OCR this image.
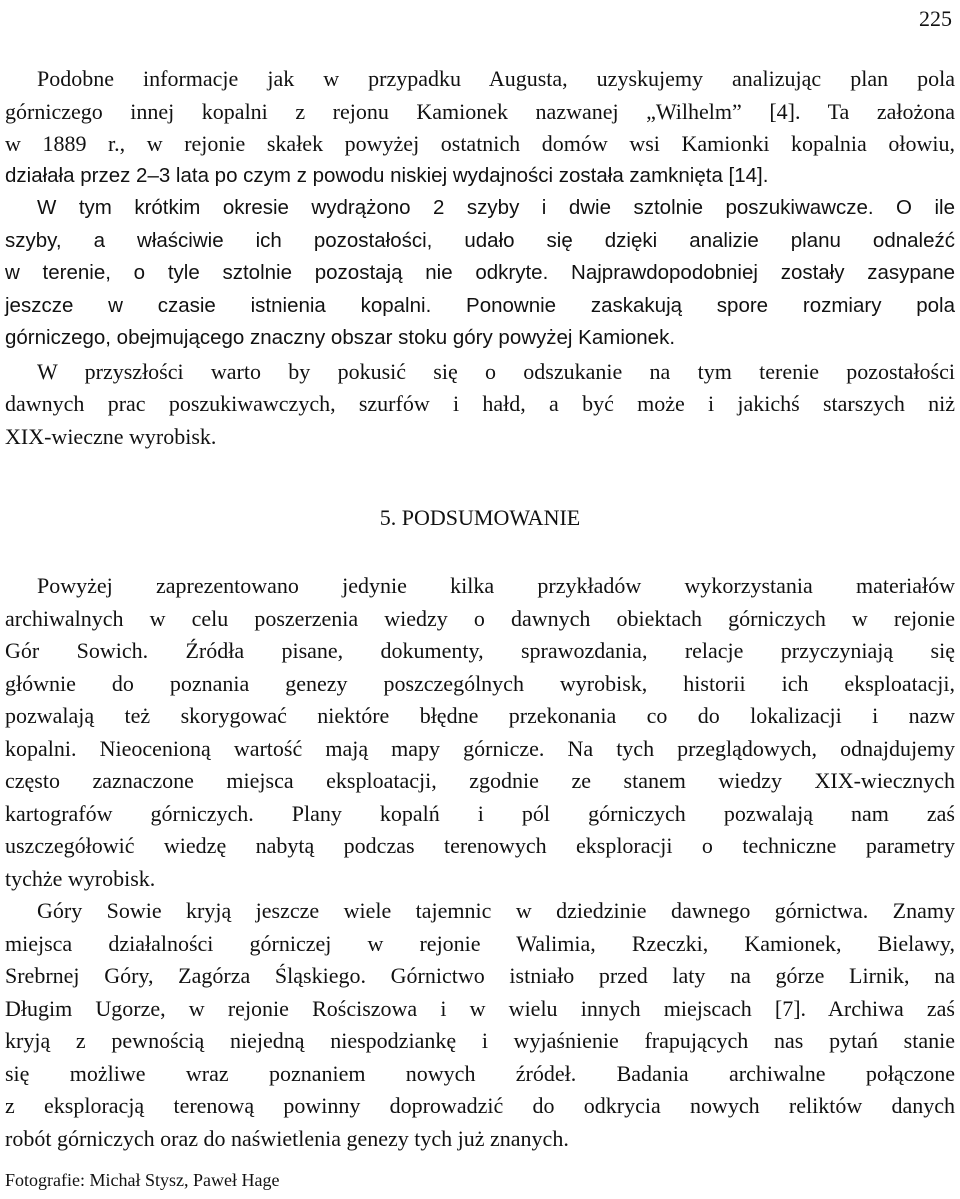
225
Podobne informacje jak w przypadku Augusta, uzyskujemy analizując plan pola
górniczego innej kopalni z rejonu Kamionek nazwanej „Wilhelm” [4]. Ta założona
w 1889 r., w rejonie skałek powyżej ostatnich domów wsi Kamionki kopalnia ołowiu,
działała przez 2–3 lata po czym z powodu niskiej wydajności została zamknięta [14].
W tym krótkim okresie wydrążono 2 szyby i dwie sztolnie poszukiwawcze. O ile
szyby, a właściwie ich pozostałości, udało się dzięki analizie planu odnaleźć
w terenie, o tyle sztolnie pozostają nie odkryte. Najprawdopodobniej zostały zasypane
jeszcze w czasie istnienia kopalni. Ponownie zaskakują spore rozmiary pola
górniczego, obejmującego znaczny obszar stoku góry powyżej Kamionek.
W przyszłości warto by pokusić się o odszukanie na tym terenie pozostałości
dawnych prac poszukiwawczych, szurfów i hałd, a być może i jakichś starszych niż
XIX-wieczne wyrobisk.
5. PODSUMOWANIE
Powyżej zaprezentowano jedynie kilka przykładów wykorzystania materiałów
archiwalnych w celu poszerzenia wiedzy o dawnych obiektach górniczych w rejonie
Gór Sowich. Źródła pisane, dokumenty, sprawozdania, relacje przyczyniają się
głównie do poznania genezy poszczególnych wyrobisk, historii ich eksploatacji,
pozwalają też skorygować niektóre błędne przekonania co do lokalizacji i nazw
kopalni. Nieocenioną wartość mają mapy górnicze. Na tych przeglądowych, odnajdujemy
często zaznaczone miejsca eksploatacji, zgodnie ze stanem wiedzy XIX-wiecznych
kartografów górniczych. Plany kopalń i pól górniczych pozwalają nam zaś
uszczegółowić wiedzę nabytą podczas terenowych eksploracji o techniczne parametry
tychże wyrobisk.
Góry Sowie kryją jeszcze wiele tajemnic w dziedzinie dawnego górnictwa. Znamy
miejsca działalności górniczej w rejonie Walimia, Rzeczki, Kamionek, Bielawy,
Srebrnej Góry, Zagórza Śląskiego. Górnictwo istniało przed laty na górze Lirnik, na
Długim Ugorze, w rejonie Rościszowa i w wielu innych miejscach [7]. Archiwa zaś
kryją z pewnością niejedną niespodziankę i wyjaśnienie frapujących nas pytań stanie
się możliwe wraz poznaniem nowych źródeł. Badania archiwalne połączone
z eksploracją terenową powinny doprowadzić do odkrycia nowych reliktów danych
robót górniczych oraz do naświetlenia genezy tych już znanych.
Fotografie: Michał Stysz, Paweł Hage
